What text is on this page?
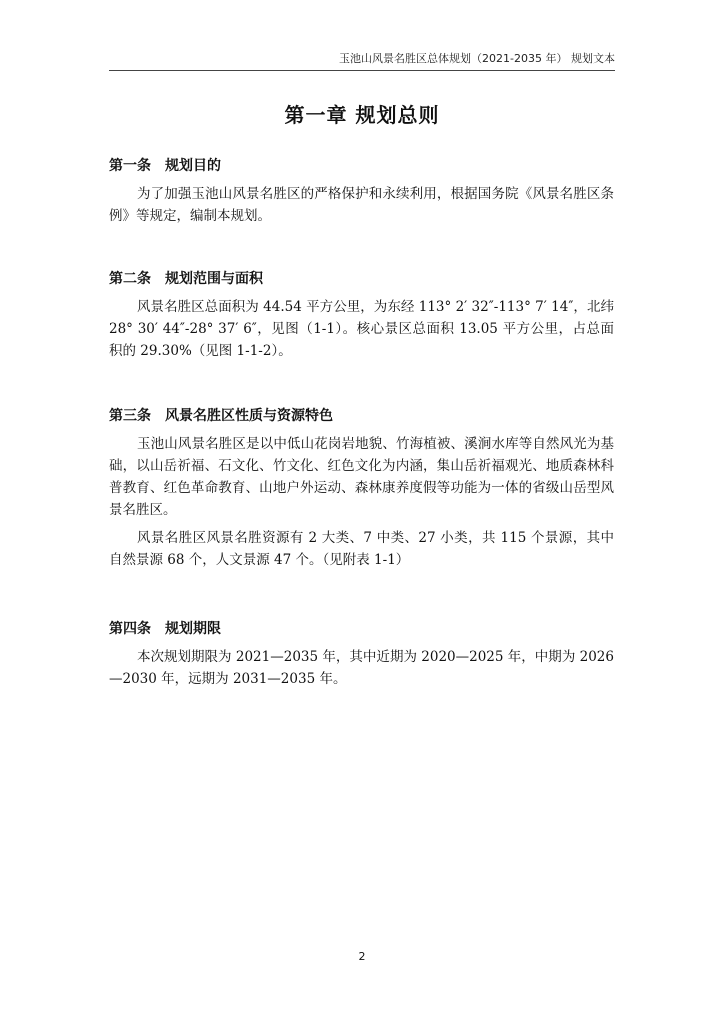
玉池山风景名胜区总体规划（2021-2035 年） 规划文本
第一章 规划总则
第一条 规划目的

为了加强玉池山风景名胜区的严格保护和永续利用，根据国务院《风景名胜区条例》等规定，编制本规划。

第二条 规划范围与面积

风景名胜区总面积为 44.54 平方公里，为东经 113° 2′ 32″-113° 7′ 14″，北纬 28° 30′ 44″-28° 37′ 6″，见图（1-1）。核心景区总面积 13.05 平方公里，占总面积的 29.30%（见图 1-1-2）。

第三条 风景名胜区性质与资源特色

玉池山风景名胜区是以中低山花岗岩地貌、竹海植被、溪涧水库等自然风光为基础，以山岳祈福、石文化、竹文化、红色文化为内涵，集山岳祈福观光、地质森林科普教育、红色革命教育、山地户外运动、森林康养度假等功能为一体的省级山岳型风景名胜区。

风景名胜区风景名胜资源有 2 大类、7 中类、27 小类，共 115 个景源，其中自然景源 68 个，人文景源 47 个。（见附表 1-1）

第四条 规划期限

本次规划期限为 2021—2035 年，其中近期为 2020—2025 年，中期为 2026—2030 年，远期为 2031—2035 年。

2
